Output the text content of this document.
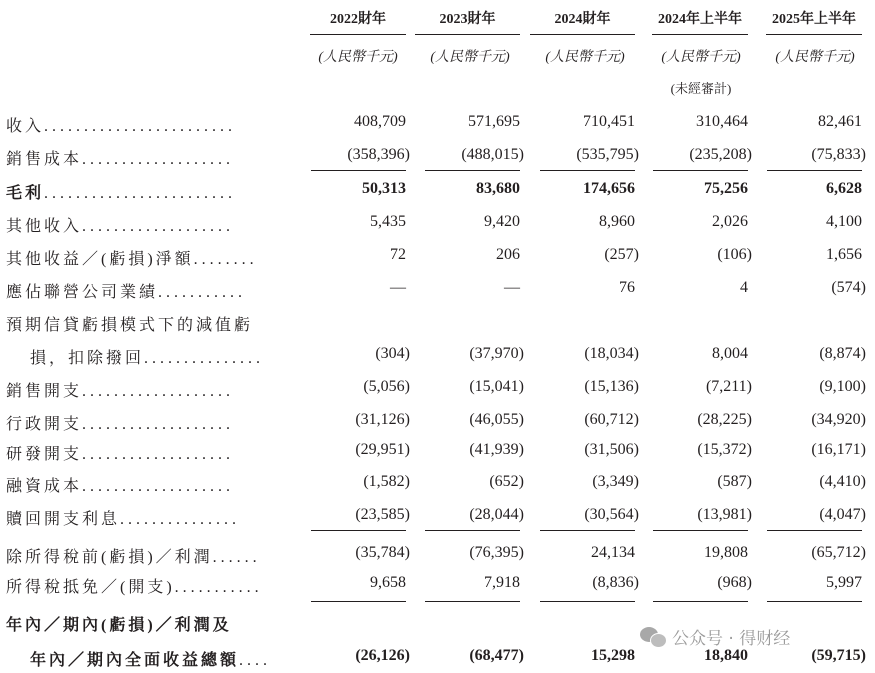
2022財年	2023財年	2024財年	2024年上半年	2025年上半年
(人民幣千元)	(人民幣千元)	(人民幣千元)	(人民幣千元)	(人民幣千元)
(未經審計)
收入........................	408,709	571,695	710,451	310,464	82,461
銷售成本...................	(358,396)	(488,015)	(535,795)	(235,208)	(75,833)
毛利........................	50,313	83,680	174,656	75,256	6,628
其他收入...................	5,435	9,420	8,960	2,026	4,100
其他收益／(虧損)淨額........	72	206	(257)	(106)	1,656
應佔聯營公司業績...........	—	—	76	4	(574)
預期信貸虧損模式下的減值虧
損，扣除撥回...............	(304)	(37,970)	(18,034)	8,004	(8,874)
銷售開支...................	(5,056)	(15,041)	(15,136)	(7,211)	(9,100)
行政開支...................	(31,126)	(46,055)	(60,712)	(28,225)	(34,920)
研發開支...................	(29,951)	(41,939)	(31,506)	(15,372)	(16,171)
融資成本...................	(1,582)	(652)	(3,349)	(587)	(4,410)
贖回開支利息...............	(23,585)	(28,044)	(30,564)	(13,981)	(4,047)
除所得稅前(虧損)／利潤......	(35,784)	(76,395)	24,134	19,808	(65,712)
所得稅抵免／(開支)...........	9,658	7,918	(8,836)	(968)	5,997
年內／期內(虧損)／利潤及
年內／期內全面收益總額....	(26,126)	(68,477)	15,298	18,840	(59,715)
公众号 · 得财经
